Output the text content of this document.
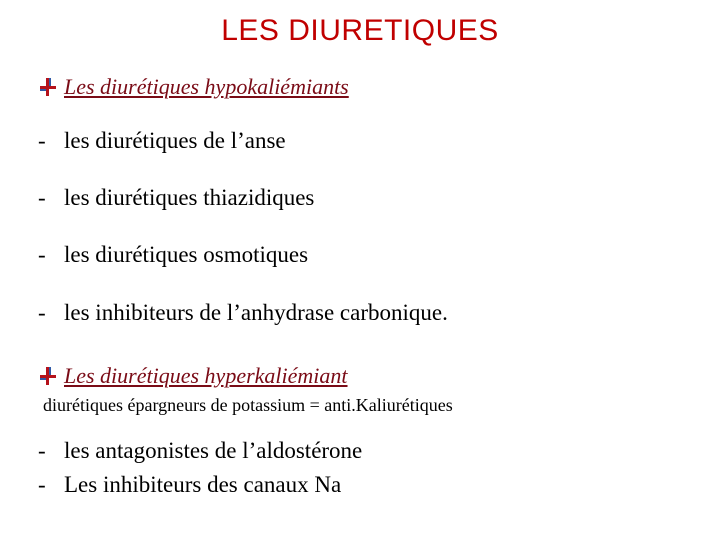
LES DIURETIQUES
Les diurétiques hypokaliémiants
- les diurétiques de l’anse
- les diurétiques thiazidiques
- les diurétiques osmotiques
- les inhibiteurs de l’anhydrase carbonique.
Les diurétiques hyperkaliémiant
diurétiques épargneurs de potassium = anti.Kaliurétiques
- les antagonistes de l’aldostérone
- Les inhibiteurs des canaux Na
